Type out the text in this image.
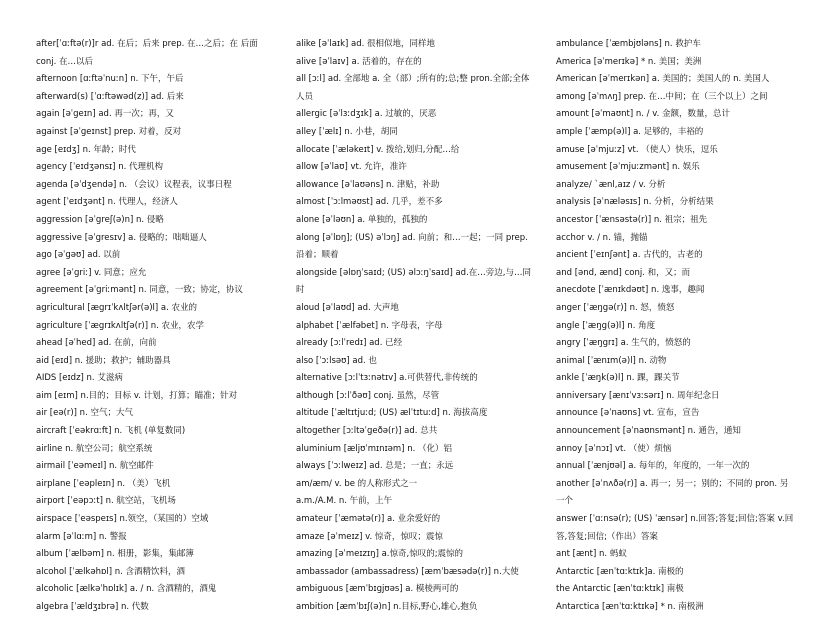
after[ˈɑːftə(r)]r ad. 在后；后来 prep. 在…之后；在 后面 conj. 在…以后

afternoon [ɑːftəˈnuːn] n. 下午，午后

afterward(s) [ˈɑːftəwəd(z)] ad. 后来

again [əˈgeɪn] ad. 再一次；再，又

against [əˈgeɪnst] prep. 对着，反对

age [eɪdʒ] n. 年龄；时代

agency [ˈeɪdʒənsɪ] n. 代理机构

agenda [əˈdʒendə] n. （会议）议程表，议事日程

agent [ˈeɪdʒənt] n. 代理人，经济人

aggression [əˈgreʃ(ə)n] n. 侵略

aggressive [əˈgresɪv] a. 侵略的；咄咄逼人

ago [əˈgəʊ] ad. 以前

agree [əˈgriː] v. 同意；应允

agreement [əˈgriːmənt] n. 同意，一致；协定，协议

agricultural [ægrɪˈkʌltʃər(ə)l] a. 农业的

agriculture [ˈægrɪkʌltʃə(r)] n. 农业，农学

ahead [əˈhed] ad. 在前，向前

aid [eɪd] n. 援助；救护；辅助器具

AIDS [eɪdz] n. 艾滋病

aim [eɪm] n.目的；目标 v. 计划，打算；瞄准；针对

air [eə(r)] n. 空气；大气

aircraft [ˈeəkrɑːft] n. 飞机 (单复数同)

airline n. 航空公司；航空系统

airmail [ˈeəmeɪl] n. 航空邮件

airplane [ˈeəpleɪn] n. （美）飞机

airport [ˈeəpɔːt] n. 航空站，飞机场

airspace [ˈeəspeɪs] n.领空，（某国的）空域

alarm [əˈlɑːm] n. 警报

album [ˈælbəm] n. 相册，影集，集邮簿

alcohol [ˈælkəhɒl] n. 含酒精饮料，酒

alcoholic [ælkəˈhɒlɪk] a. / n. 含酒精的，酒鬼

algebra [ˈældʒɪbrə] n. 代数

alike [əˈlaɪk] ad. 很相似地，同样地

alive [əˈlaɪv] a. 活着的，存在的

all [ɔːl] ad. 全部地 a. 全（部）;所有的;总;整 pron.全部;全体 人员

allergic [əˈlɜːdʒɪk] a. 过敏的，厌恶

alley [ˈælɪ] n. 小巷，胡同

allocate [ˈæləkeɪt] v. 拨给,划归,分配…给

allow [əˈlaʊ] vt. 允许，准许

allowance [əˈlaʊəns] n. 津贴，补助

almost [ˈɔːlməʊst] ad. 几乎，差不多

alone [əˈləʊn] a. 单独的，孤独的

along [əˈlɒŋ]; (US) əˈlɔŋ] ad. 向前；和…一起；一同 prep. 沿着；顺着

alongside [əlɒŋˈsaɪd; (US) əlɔːŋˈsaɪd] ad.在…旁边,与…同 时

aloud [əˈlaʊd] ad. 大声地

alphabet [ˈælfəbet] n. 字母表，字母

already [ɔːlˈredɪ] ad. 已经

also [ˈɔːlsəʊ] ad. 也

alternative [ɔːlˈtɜːnətɪv] a.可供替代,非传统的

although [ɔːlˈðəʊ] conj. 虽然，尽管

altitude [ˈæltɪtjuːd; (US) ælˈtɪtuːd] n. 海拔高度

altogether [ɔːltəˈgeðə(r)] ad. 总共

aluminium [æljʊˈmɪnɪəm] n. （化）铝

always [ˈɔːlweɪz] ad. 总是；一直；永远

am/æm/ v. be 的人称形式之一

a.m./A.M. n. 午前，上午

amateur [ˈæmətə(r)] a. 业余爱好的

amaze [əˈmeɪz] v. 惊奇，惊叹；震惊

amazing [əˈmeɪzɪŋ] a.惊奇,惊叹的;震惊的

ambassador (ambassadress) [æmˈbæsədə(r)] n.大使

ambiguous [æmˈbɪgjʊəs] a. 模棱两可的

ambition [æmˈbɪʃ(ə)n] n.目标,野心,雄心,抱负

ambulance [ˈæmbjʊləns] n. 救护车

America [əˈmerɪkə] * n. 美国；美洲

American [əˈmerɪkən] a. 美国的；美国人的 n. 美国人

among [əˈmʌŋ] prep. 在…中间；在（三个以上）之间

amount [əˈmaʊnt] n. / v. 金额，数量，总计

ample [ˈæmp(ə)l] a. 足够的，丰裕的

amuse [əˈmjuːz] vt. （使人）快乐，逗乐

amusement [əˈmjuːzmənt] n. 娱乐

analyze/ `ænl,aɪz / v. 分析

analysis [əˈnæləsɪs] n. 分析，分析结果

ancestor [ˈænsəstə(r)] n. 祖宗；祖先

acchor v. / n. 锚，抛锚

ancient [ˈeɪnʃənt] a. 古代的，古老的

and [ənd, ænd] conj. 和，又；而

anecdote [ˈænɪkdəʊt] n. 逸事，趣闻

anger [ˈæŋgə(r)] n. 怒，愤怒

angle [ˈæŋg(ə)l] n. 角度

angry [ˈæŋgrɪ] a. 生气的，愤怒的

animal [ˈænɪm(ə)l] n. 动物

ankle [ˈæŋk(ə)l] n. 踝，踝关节

anniversary [ænɪˈvɜːsərɪ] n. 周年纪念日

announce [əˈnaʊns] vt. 宣布，宣告

announcement [əˈnaʊnsmənt] n. 通告，通知

annoy [əˈnɔɪ] vt. （使）烦恼

annual [ˈænjʊəl] a. 每年的，年度的，一年一次的

another [əˈnʌðə(r)] a. 再一；另一；别的；不同的 pron. 另 一个

answer [ˈɑːnsə(r); (US) ˈænsər] n.回答;答复;回信;答案 v.回 答,答复;回信;（作出）答案

ant [ænt] n. 蚂蚁

Antarctic [ænˈtɑːktɪk]a. 南极的

the Antarctic [ænˈtɑːktɪk] 南极

Antarctica [ænˈtɑːktɪkə] * n. 南极洲
